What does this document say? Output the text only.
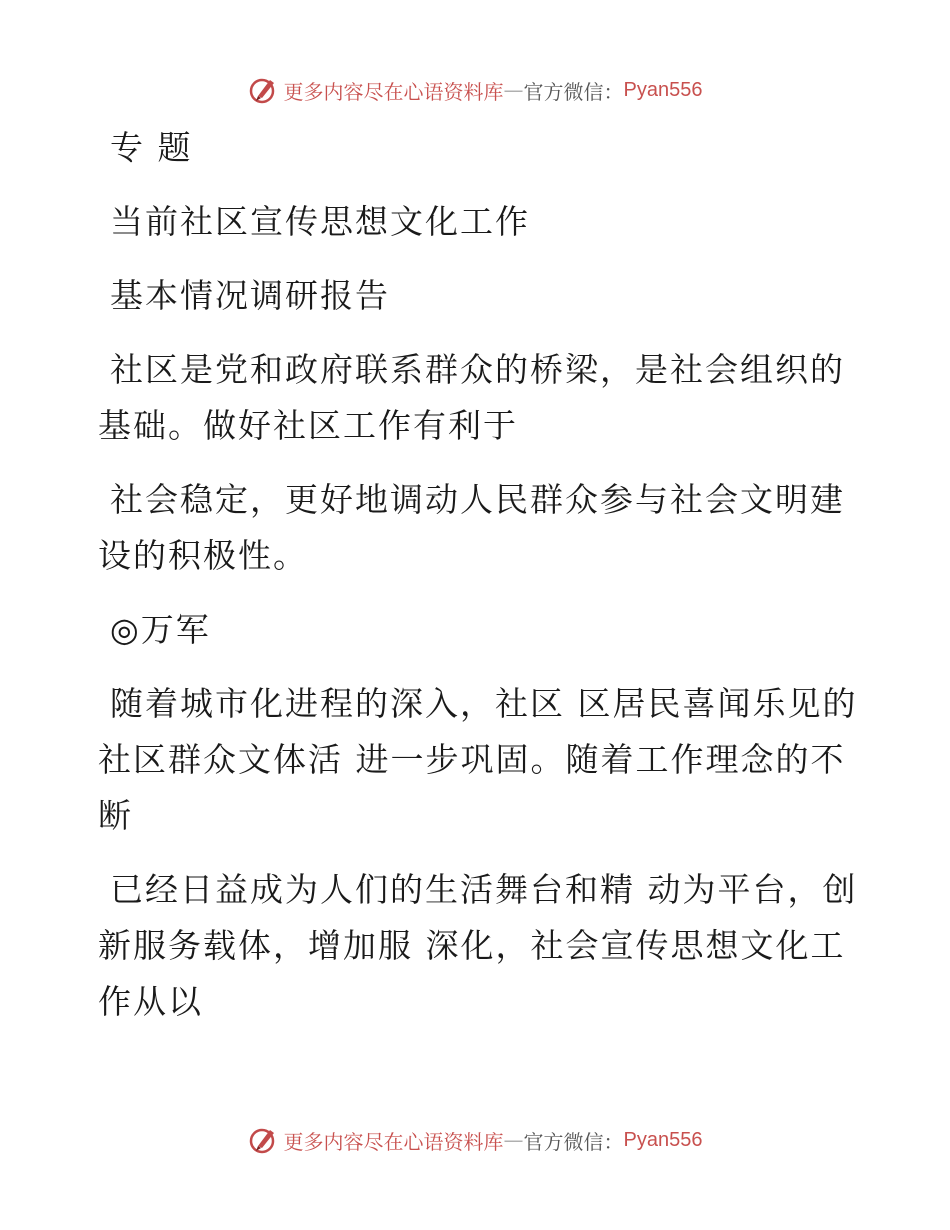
更多内容尽在心语资料库 — 官方微信： Pyan556
专 题
当前社区宣传思想文化工作
基本情况调研报告
社区是党和政府联系群众的桥梁，是社会组织的
基础。做好社区工作有利于
社会稳定，更好地调动人民群众参与社会文明建
设的积极性。
◎万军
随着城市化进程的深入，社区 区居民喜闻乐见的
社区群众文体活 进一步巩固。随着工作理念的不
断
已经日益成为人们的生活舞台和精 动为平台，创
新服务载体，增加服 深化，社会宣传思想文化工
作从以
更多内容尽在心语资料库 — 官方微信： Pyan556
